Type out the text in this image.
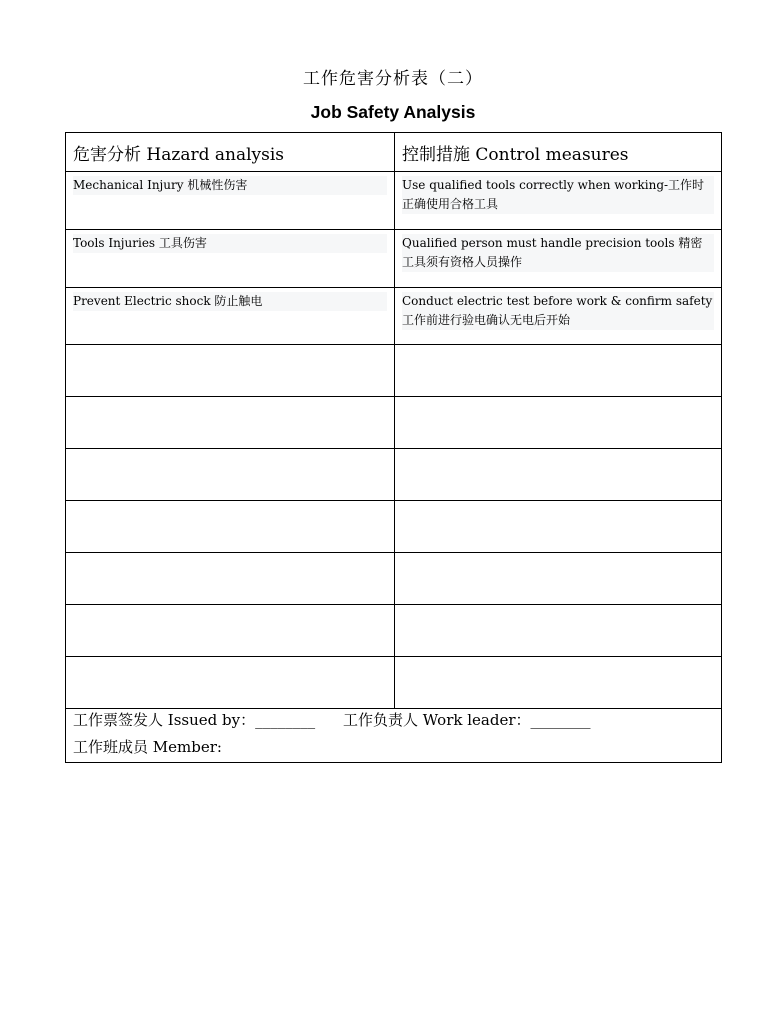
工作危害分析表（二）
Job Safety Analysis
危害分析 Hazard analysis	控制措施 Control measures

Mechanical Injury 机械性伤害	Use qualified tools correctly when working-工作时正确使用合格工具

Tools Injuries 工具伤害	Qualified person must handle precision tools 精密工具须有资格人员操作

Prevent Electric shock 防止触电	Conduct electric test before work & confirm safety 工作前进行验电确认无电后开始

工作票签发人 Issued by：________ 工作负责人 Work leader：________
工作班成员 Member:	
